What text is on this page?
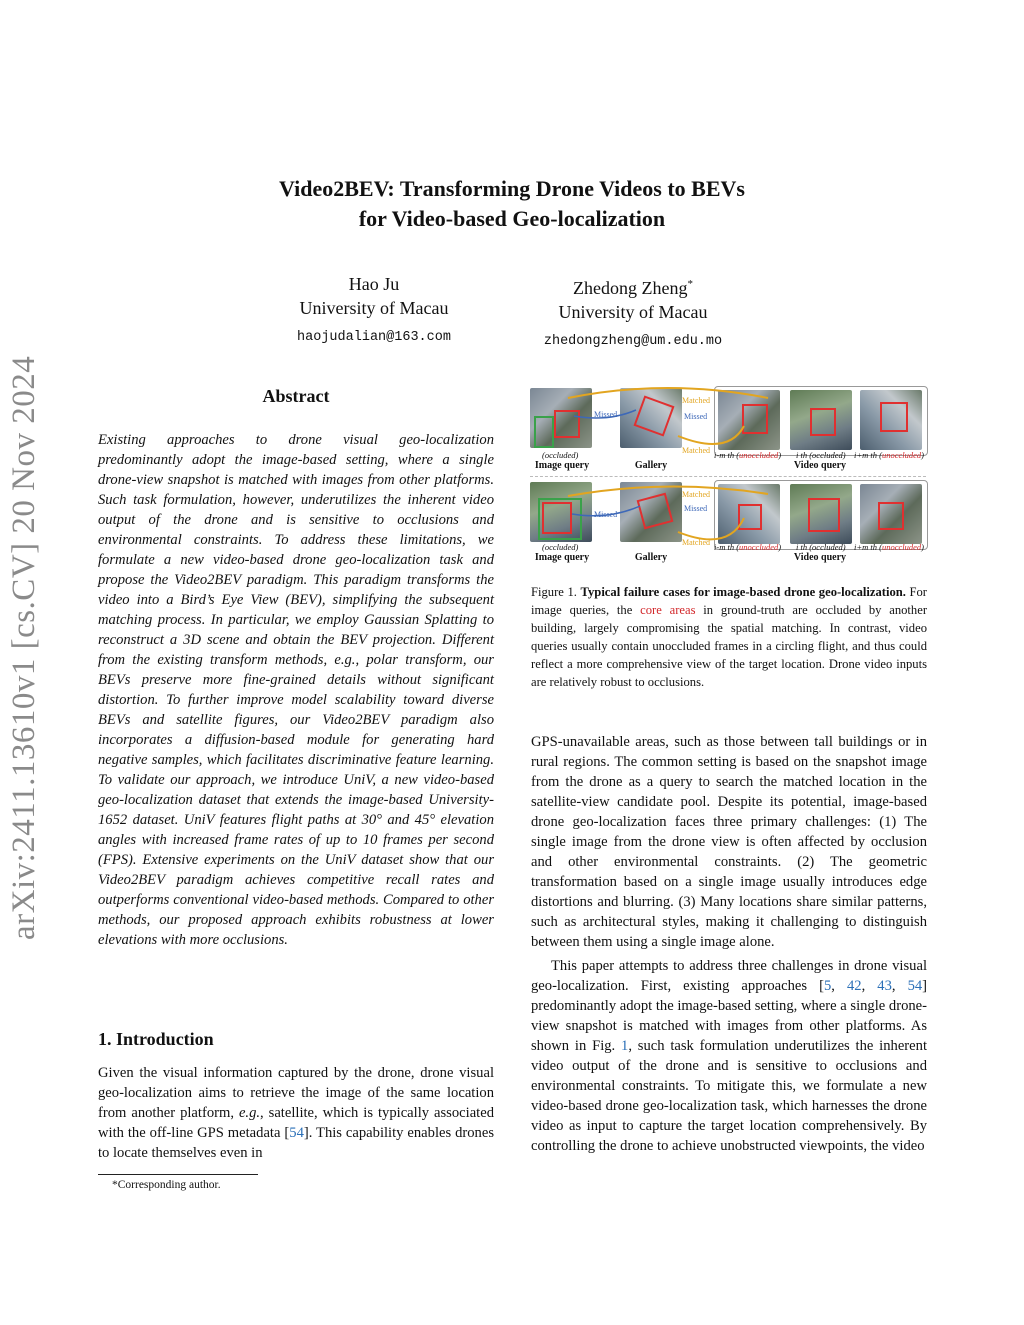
Video2BEV: Transforming Drone Videos to BEVs
for Video-based Geo-localization
Hao Ju
University of Macau
haojudalian@163.com
Zhedong Zheng*
University of Macau
zhedongzheng@um.edu.mo
arXiv:2411.13610v1 [cs.CV] 20 Nov 2024	Abstract
Existing approaches to drone visual geo-localization predominantly adopt the image-based setting, where a single drone-view snapshot is matched with images from other platforms. Such task formulation, however, underutilizes the inherent video output of the drone and is sensitive to occlusions and environmental constraints. To address these limitations, we formulate a new video-based drone geo-localization task and propose the Video2BEV paradigm. This paradigm transforms the video into a Bird’s Eye View (BEV), simplifying the subsequent matching process. In particular, we employ Gaussian Splatting to reconstruct a 3D scene and obtain the BEV projection. Different from the existing transform methods, e.g., polar transform, our BEVs preserve more fine-grained details without significant distortion. To further improve model scalability toward diverse BEVs and satellite figures, our Video2BEV paradigm also incorporates a diffusion-based module for generating hard negative samples, which facilitates discriminative feature learning. To validate our approach, we introduce UniV, a new video-based geo-localization dataset that extends the image-based University-1652 dataset. UniV features flight paths at 30° and 45° elevation angles with increased frame rates of up to 10 frames per second (FPS). Extensive experiments on the UniV dataset show that our Video2BEV paradigm achieves competitive recall rates and outperforms conventional video-based methods. Compared to other methods, our proposed approach exhibits robustness at lower elevations with more occlusions.
1. Introduction

Given the visual information captured by the drone, drone visual geo-localization aims to retrieve the image of the same location from another platform, e.g., satellite, which is typically associated with the off-line GPS metadata [54]. This capability enables drones to locate themselves even in

*Corresponding author.
Missed
Matched
Missed
Matched
(occluded)	i-m th (unoccluded) i th (occluded) i+m th (unoccluded)
Image query	Gallery	Video query
Missed
Matched
Missed
Matched
(occluded)	i-m th (unoccluded) i th (occluded) i+m th (unoccluded)
Image query	Gallery	Video query
Figure 1. Typical failure cases for image-based drone geo-localization. For image queries, the core areas in ground-truth are occluded by another building, largely compromising the spatial matching. In contrast, video queries usually contain unoccluded frames in a circling flight, and thus could reflect a more comprehensive view of the target location. Drone video inputs are relatively robust to occlusions.

GPS-unavailable areas, such as those between tall buildings or in rural regions. The common setting is based on the snapshot image from the drone as a query to search the matched location in the satellite-view candidate pool. Despite its potential, image-based drone geo-localization faces three primary challenges: (1) The single image from the drone view is often affected by occlusion and other environmental constraints. (2) The geometric transformation based on a single image usually introduces edge distortions and blurring. (3) Many locations share similar patterns, such as architectural styles, making it challenging to distinguish between them using a single image alone.

This paper attempts to address three challenges in drone visual geo-localization. First, existing approaches [5, 42, 43, 54] predominantly adopt the image-based setting, where a single drone-view snapshot is matched with images from other platforms. As shown in Fig. 1, such task formulation underutilizes the inherent video output of the drone and is sensitive to occlusions and environmental constraints. To mitigate this, we formulate a new video-based drone geo-localization task, which harnesses the drone video as input to capture the target location comprehensively. By controlling the drone to achieve unobstructed viewpoints, the video
